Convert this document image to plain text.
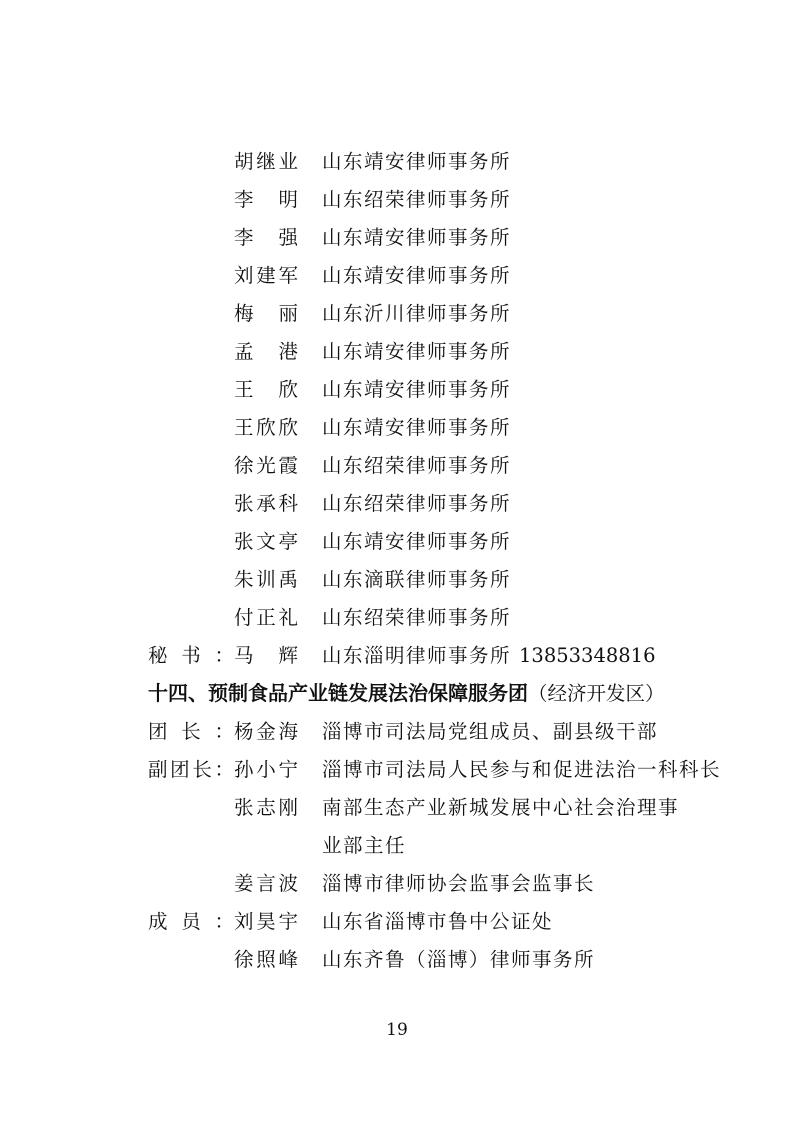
胡继业 山东靖安律师事务所
李明 山东绍荣律师事务所
李强 山东靖安律师事务所
刘建军 山东靖安律师事务所
梅丽 山东沂川律师事务所
孟港 山东靖安律师事务所
王欣 山东靖安律师事务所
王欣欣 山东靖安律师事务所
徐光霞 山东绍荣律师事务所
张承科 山东绍荣律师事务所
张文亭 山东靖安律师事务所
朱训禹 山东滴联律师事务所
付正礼 山东绍荣律师事务所
秘书： 马辉 山东淄明律师事务所 13853348816
十四、预制食品产业链发展法治保障服务团（经济开发区）
团长： 杨金海 淄博市司法局党组成员、副县级干部
副团长： 孙小宁 淄博市司法局人民参与和促进法治一科科长
张志刚 南部生态产业新城发展中心社会治理事
业部主任
姜言波 淄博市律师协会监事会监事长
成员： 刘昊宇 山东省淄博市鲁中公证处
徐照峰 山东齐鲁（淄博）律师事务所
19
